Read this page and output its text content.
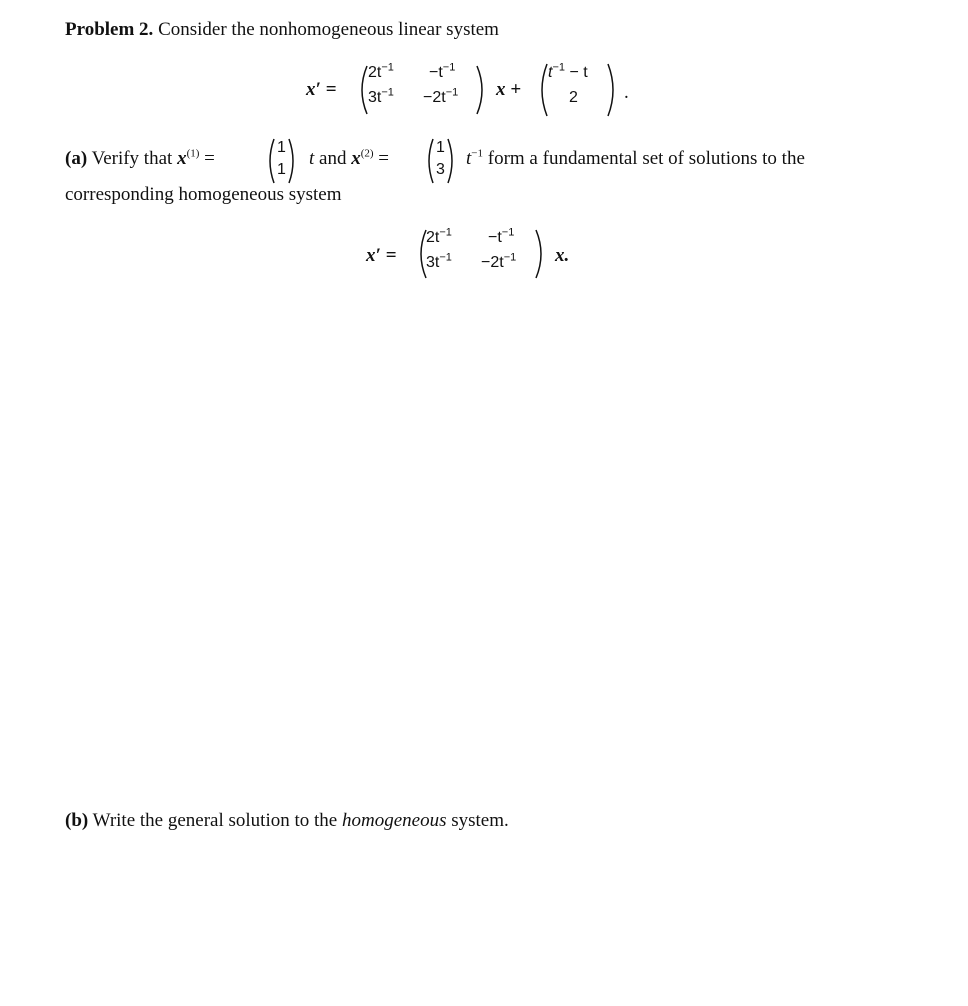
Problem 2. Consider the nonhomogeneous linear system
x′ =
$2t^{-1} -t^{-1}$
$3t^{-1} -2t^{-1}$ x +
$t^{-1} - t$
2 .
(a) Verify that $x^{(1)}$ =
1
1
t and $x^{(2)}$ =
1
3
$t^{-1}$ form a fundamental set of solutions to the
corresponding homogeneous system
x′ =
$2t^{-1} -t^{-1}$
$3t^{-1} -2t^{-1}$ x.
(b) Write the general solution to the homogeneous system.
